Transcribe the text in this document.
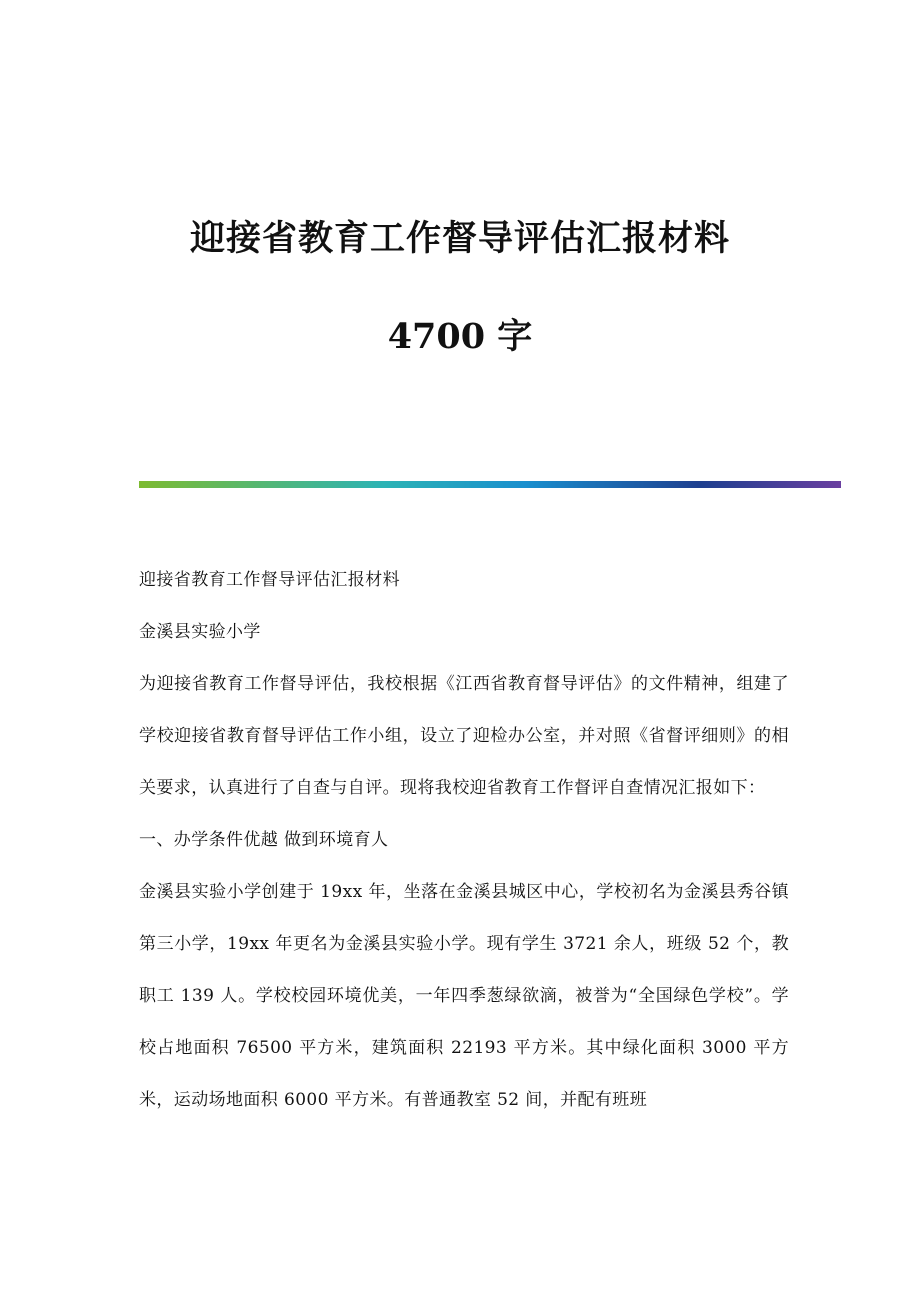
迎接省教育工作督导评估汇报材料
4700 字

迎接省教育工作督导评估汇报材料

金溪县实验小学

为迎接省教育工作督导评估，我校根据《江西省教育督导评估》的文件精神，组建了学校迎接省教育督导评估工作小组，设立了迎检办公室，并对照《省督评细则》的相关要求，认真进行了自查与自评。现将我校迎省教育工作督评自查情况汇报如下：

一、办学条件优越 做到环境育人

金溪县实验小学创建于 19xx 年，坐落在金溪县城区中心，学校初名为金溪县秀谷镇第三小学，19xx 年更名为金溪县实验小学。现有学生 3721 余人，班级 52 个，教职工 139 人。学校校园环境优美，一年四季葱绿欲滴，被誉为“全国绿色学校”。学校占地面积 76500 平方米，建筑面积 22193 平方米。其中绿化面积 3000 平方米，运动场地面积 6000 平方米。有普通教室 52 间，并配有班班
